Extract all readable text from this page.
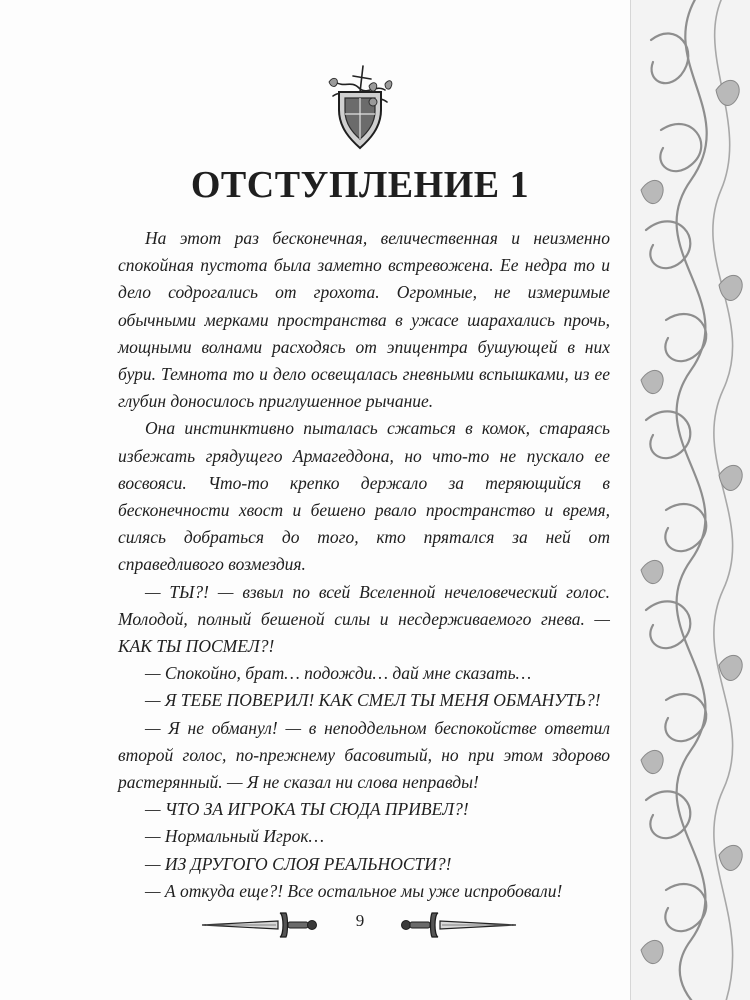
ОТСТУПЛЕНИЕ 1

На этот раз бесконечная, величественная и неизменно спокойная пустота была заметно встревожена. Ее недра то и дело содрогались от грохота. Огромные, не измеримые обычными мерками пространства в ужасе шарахались прочь, мощными волнами расходясь от эпицентра бушующей в них бури. Темнота то и дело освещалась гневными вспышками, из ее глубин доносилось приглушенное рычание.

Она инстинктивно пыталась сжаться в комок, стараясь избежать грядущего Армагеддона, но что-то не пускало ее восвояси. Что-то крепко держало за теряющийся в бесконечности хвост и бешено рвало пространство и время, силясь добраться до того, кто прятался за ней от справедливого возмездия.

— ТЫ?! — взвыл по всей Вселенной нечеловеческий голос. Молодой, полный бешеной силы и несдерживаемого гнева. — КАК ТЫ ПОСМЕЛ?!

— Спокойно, брат… подожди… дай мне сказать…

— Я ТЕБЕ ПОВЕРИЛ! КАК СМЕЛ ТЫ МЕНЯ ОБМАНУТЬ?!

— Я не обманул! — в неподдельном беспокойстве ответил второй голос, по-прежнему басовитый, но при этом здорово растерянный. — Я не сказал ни слова неправды!

— ЧТО ЗА ИГРОКА ТЫ СЮДА ПРИВЕЛ?!

— Нормальный Игрок…

— ИЗ ДРУГОГО СЛОЯ РЕАЛЬНОСТИ?!

— А откуда еще?! Все остальное мы уже испробовали!

9
